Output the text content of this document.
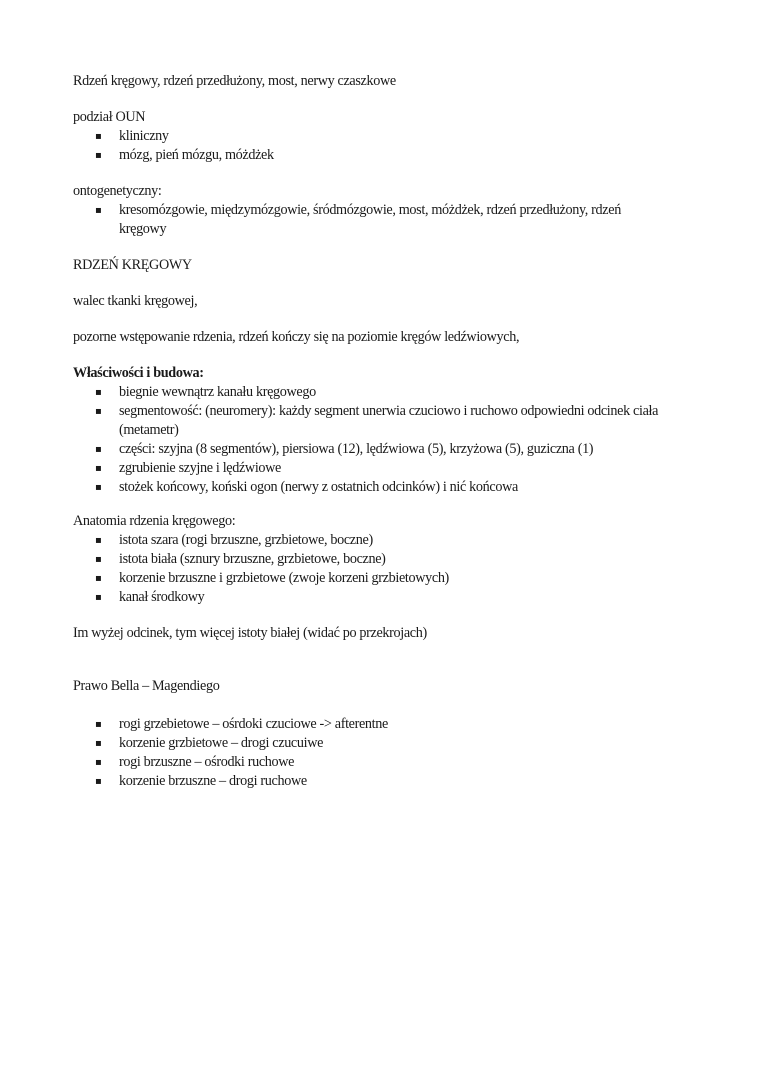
Rdzeń kręgowy, rdzeń przedłużony, most, nerwy czaszkowe

podział OUN

▪ kliniczny
▪ mózg, pień mózgu, móżdżek

ontogenetyczny:

▪ kresomózgowie, międzymózgowie, śródmózgowie, most, móżdżek, rdzeń przedłużony, rdzeń kręgowy

RDZEŃ KRĘGOWY

walec tkanki kręgowej,

pozorne wstępowanie rdzenia, rdzeń kończy się na poziomie kręgów ledźwiowych,

Właściwości i budowa:

▪ biegnie wewnątrz kanału kręgowego
▪ segmentowość: (neuromery): każdy segment unerwia czuciowo i ruchowo odpowiedni odcinek ciała (metametr)
▪ części: szyjna (8 segmentów), piersiowa (12), lędźwiowa (5), krzyżowa (5), guziczna (1)
▪ zgrubienie szyjne i lędźwiowe
▪ stożek końcowy, koński ogon (nerwy z ostatnich odcinków) i nić końcowa

Anatomia rdzenia kręgowego:

▪ istota szara (rogi brzuszne, grzbietowe, boczne)
▪ istota biała (sznury brzuszne, grzbietowe, boczne)
▪ korzenie brzuszne i grzbietowe (zwoje korzeni grzbietowych)
▪ kanał środkowy

Im wyżej odcinek, tym więcej istoty białej (widać po przekrojach)

Prawo Bella – Magendiego

▪ rogi grzebietowe – ośrdoki czuciowe -> afterentne
▪ korzenie grzbietowe – drogi czucuiwe
▪ rogi brzuszne – ośrodki ruchowe
▪ korzenie brzuszne – drogi ruchowe
